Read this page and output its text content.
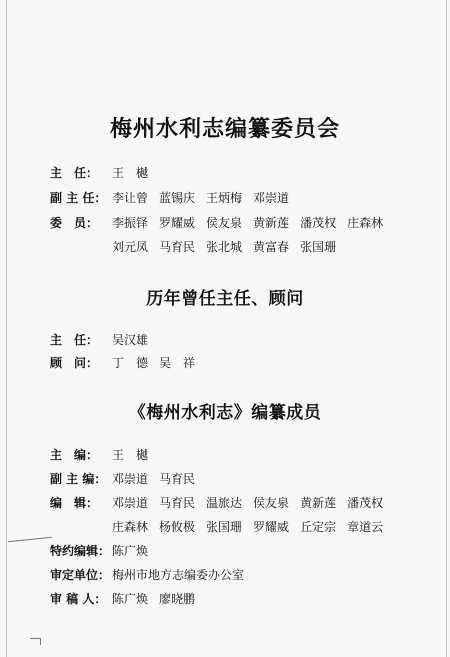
梅州水利志编纂委员会
主　任： 王　樾
副 主 任： 李让曾 蓝锡庆 王炳梅 邓崇道
委　员： 李振铎 罗耀威 侯友泉 黄新莲 潘茂权 庄森林
刘元凤 马育民 张北城 黄富春 张国珊
历年曾任主任、顾问
主　任： 吴汉雄
顾　问： 丁　德 吴　祥
《梅州水利志》编纂成员
主　编： 王　樾
副 主 编： 邓崇道 马育民
编　辑： 邓崇道 马育民 温旅达 侯友泉 黄新莲 潘茂权
庄森林 杨攸极 张国珊 罗耀威 丘定宗 章道云
特约编辑： 陈广焕
审定单位： 梅州市地方志编委办公室
审 稿 人： 陈广焕 廖晓鹏
